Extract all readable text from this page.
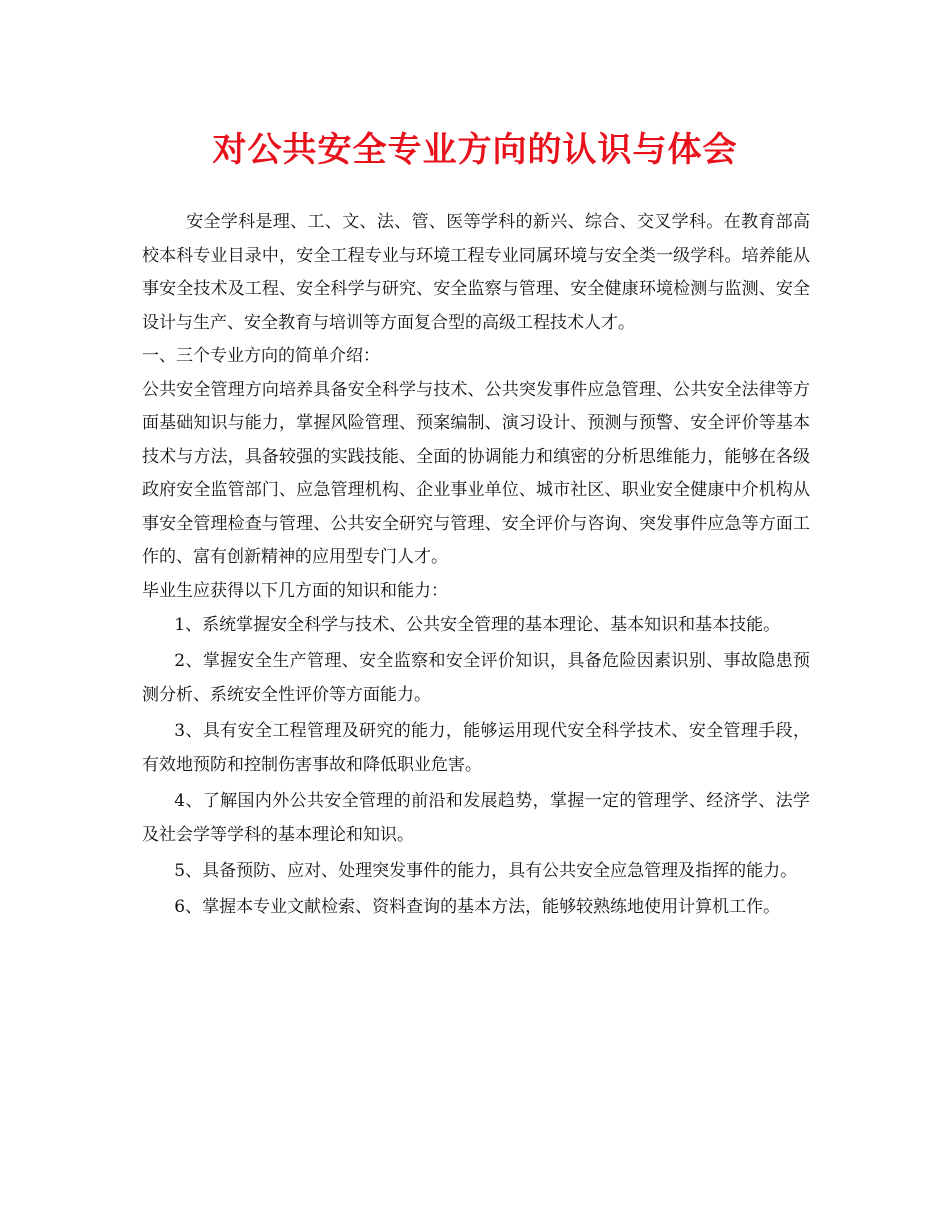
对公共安全专业方向的认识与体会

安全学科是理、工、文、法、管、医等学科的新兴、综合、交叉学科。在教育部高校本科专业目录中，安全工程专业与环境工程专业同属环境与安全类一级学科。培养能从事安全技术及工程、安全科学与研究、安全监察与管理、安全健康环境检测与监测、安全设计与生产、安全教育与培训等方面复合型的高级工程技术人才。

一、三个专业方向的简单介绍：

公共安全管理方向培养具备安全科学与技术、公共突发事件应急管理、公共安全法律等方面基础知识与能力，掌握风险管理、预案编制、演习设计、预测与预警、安全评价等基本技术与方法，具备较强的实践技能、全面的协调能力和缜密的分析思维能力，能够在各级政府安全监管部门、应急管理机构、企业事业单位、城市社区、职业安全健康中介机构从事安全管理检查与管理、公共安全研究与管理、安全评价与咨询、突发事件应急等方面工作的、富有创新精神的应用型专门人才。

毕业生应获得以下几方面的知识和能力：

1、系统掌握安全科学与技术、公共安全管理的基本理论、基本知识和基本技能。

2、掌握安全生产管理、安全监察和安全评价知识，具备危险因素识别、事故隐患预测分析、系统安全性评价等方面能力。

3、具有安全工程管理及研究的能力，能够运用现代安全科学技术、安全管理手段，有效地预防和控制伤害事故和降低职业危害。

4、了解国内外公共安全管理的前沿和发展趋势，掌握一定的管理学、经济学、法学及社会学等学科的基本理论和知识。

5、具备预防、应对、处理突发事件的能力，具有公共安全应急管理及指挥的能力。

6、掌握本专业文献检索、资料查询的基本方法，能够较熟练地使用计算机工作。
